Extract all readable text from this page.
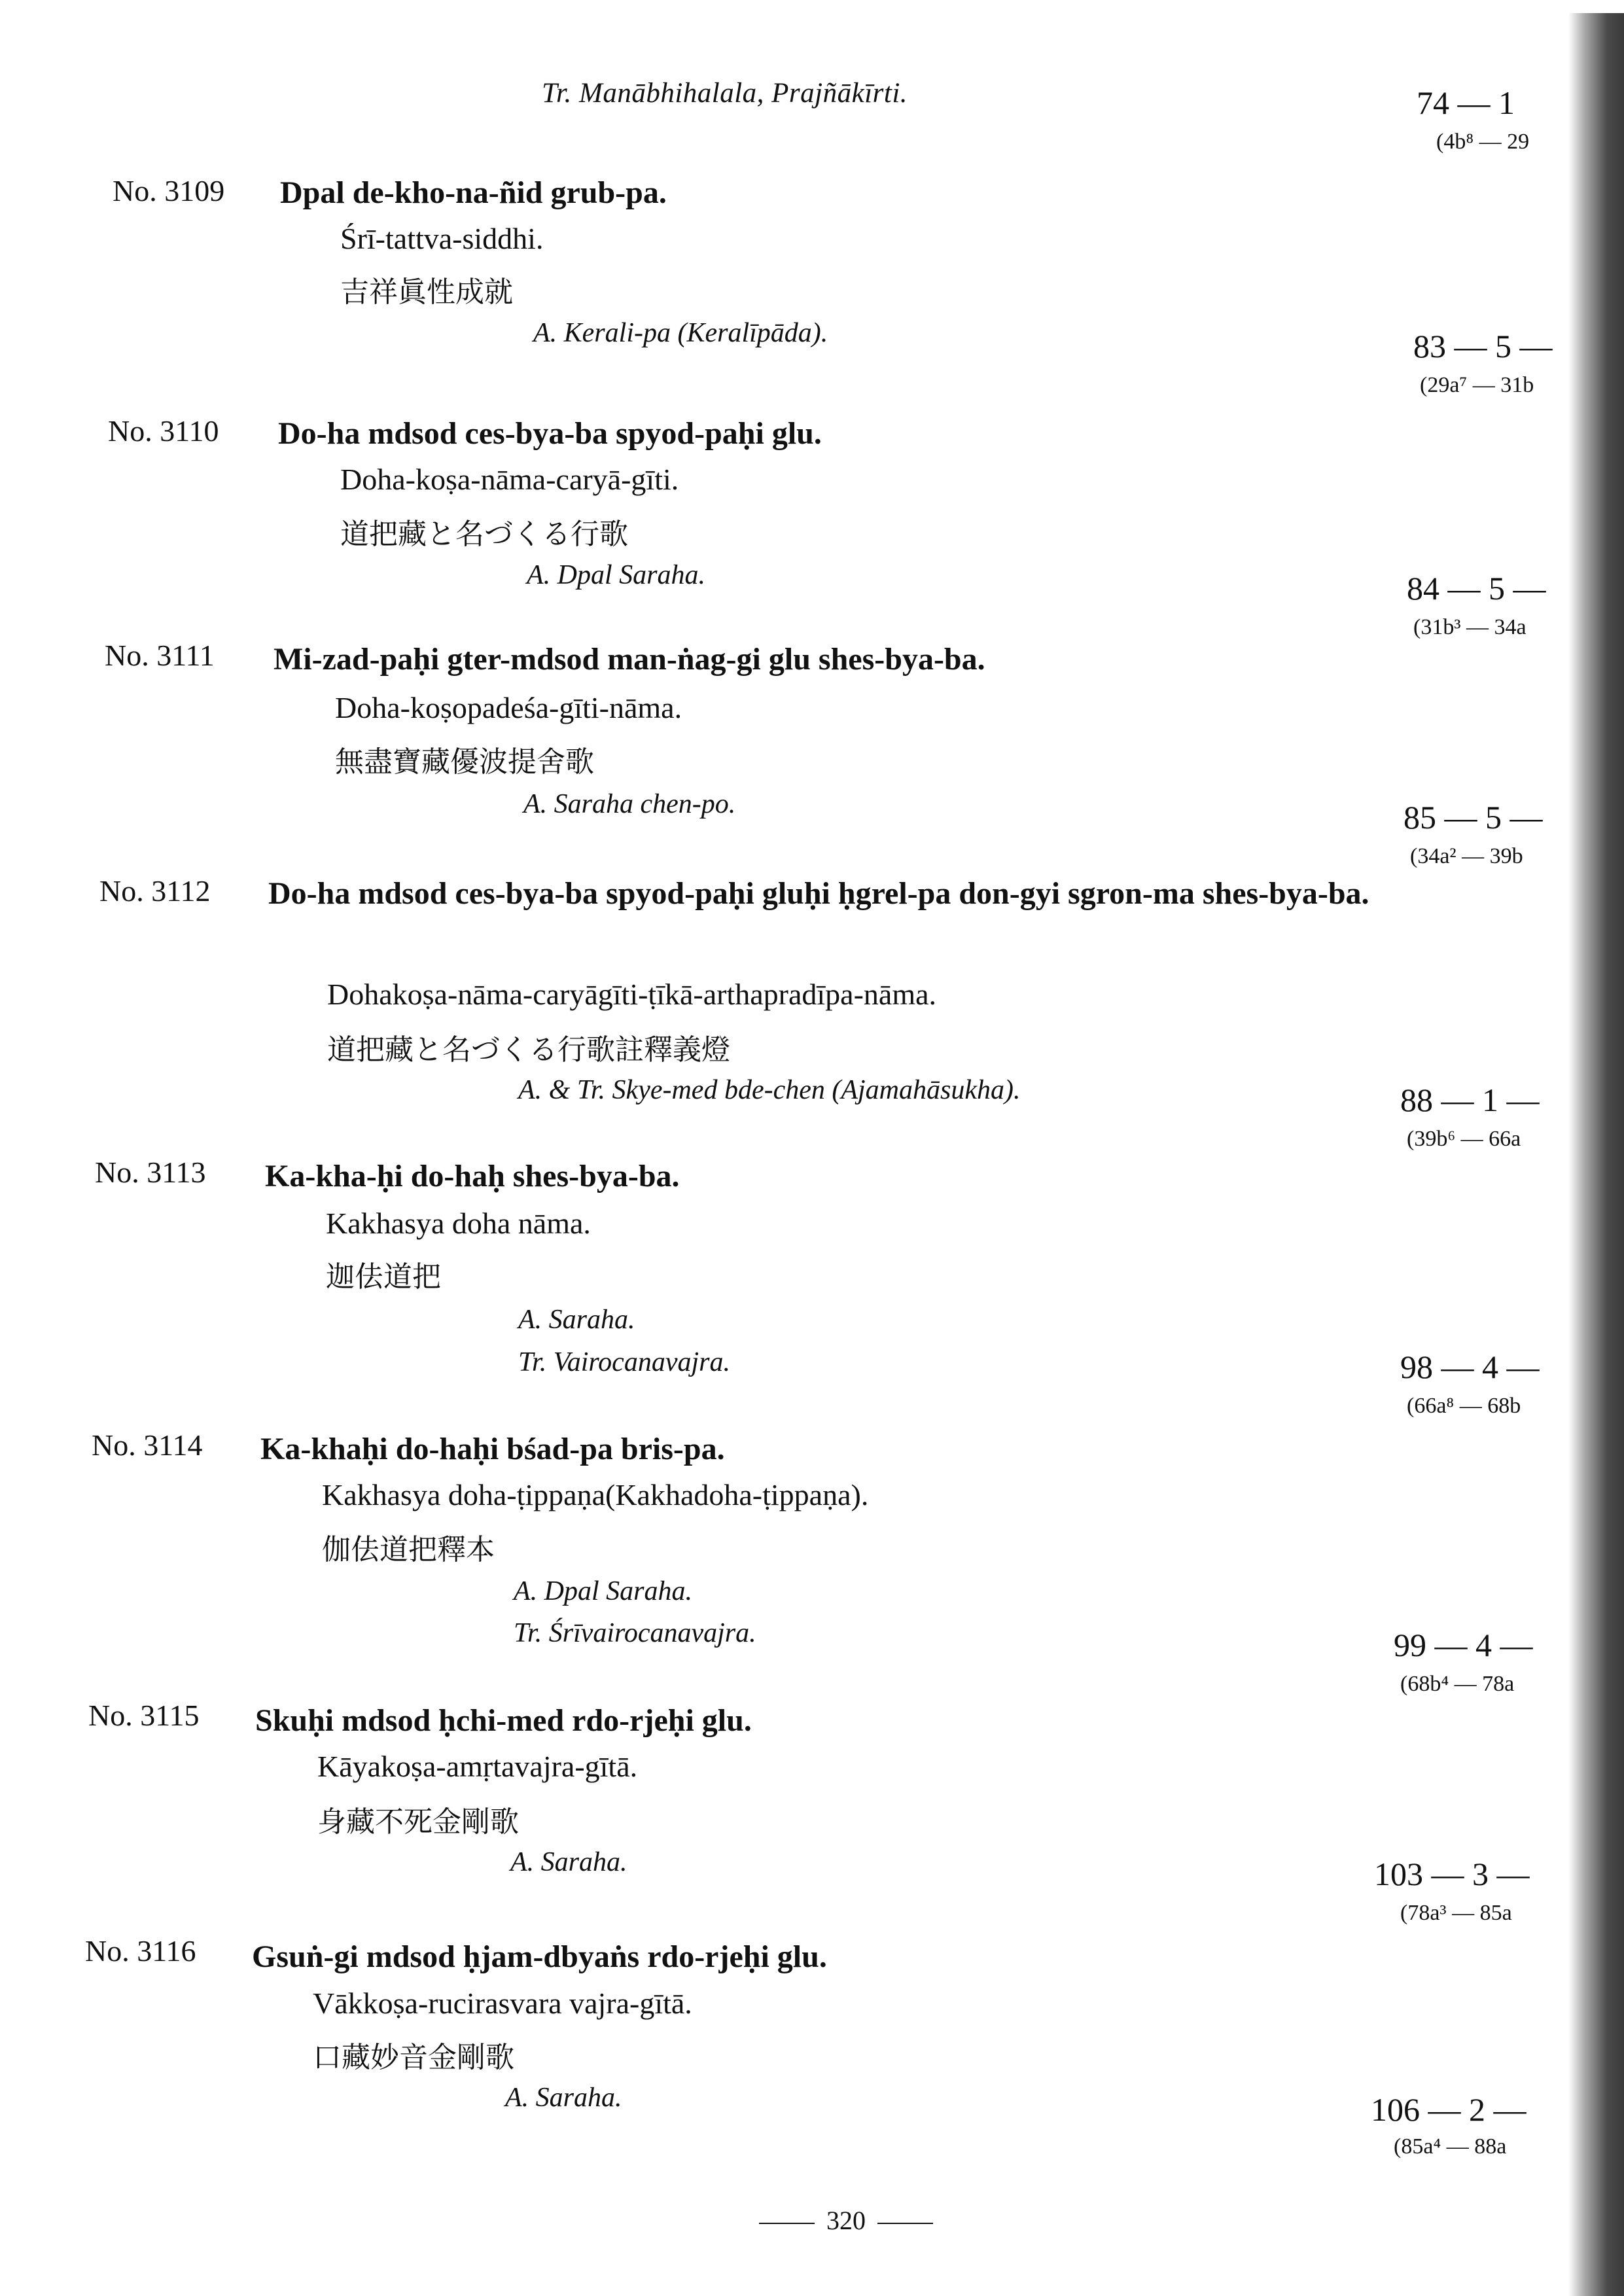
Tr. Manābhihalala, Prajñākīrti.	74 — 1
(4b⁸ — 29
No. 3109 Dpal de-kho-na-ñid grub-pa.
Śrī-tattva-siddhi.
吉祥眞性成就
A. Kerali-pa (Keralīpāda).	83 — 5 —
(29a⁷ — 31b
No. 3110 Do-ha mdsod ces-bya-ba spyod-paḥi glu.
Doha-koṣa-nāma-caryā-gīti.
道把藏と名づくる行歌
A. Dpal Saraha.	84 — 5 —
(31b³ — 34a
No. 3111 Mi-zad-paḥi gter-mdsod man-ṅag-gi glu shes-bya-ba.
Doha-koṣopadeśa-gīti-nāma.
無盡寶藏優波提舍歌
A. Saraha chen-po.	85 — 5 —
(34a² — 39b
No. 3112 Do-ha mdsod ces-bya-ba spyod-paḥi gluḥi ḥgrel-pa don-gyi sgron-ma shes-bya-ba.
Dohakoṣa-nāma-caryāgīti-ṭīkā-arthapradīpa-nāma.
道把藏と名づくる行歌註釋義燈
A. & Tr. Skye-med bde-chen (Ajamahāsukha).	88 — 1 —
(39b⁶ — 66a
No. 3113 Ka-kha-ḥi do-haḥ shes-bya-ba.
Kakhasya doha nāma.
迦佉道把
A. Saraha.
Tr. Vairocanavajra.	98 — 4 —
(66a⁸ — 68b
No. 3114 Ka-khaḥi do-haḥi bśad-pa bris-pa.
Kakhasya doha-ṭippaṇa(Kakhadoha-ṭippaṇa).
伽佉道把釋本
A. Dpal Saraha.
Tr. Śrīvairocanavajra.	99 — 4 —
(68b⁴ — 78a
No. 3115 Skuḥi mdsod ḥchi-med rdo-rjeḥi glu.
Kāyakoṣa-amṛtavajra-gītā.
身藏不死金剛歌
A. Saraha.	103 — 3 —
(78a³ — 85a
No. 3116 Gsuṅ-gi mdsod ḥjam-dbyaṅs rdo-rjeḥi glu.
Vākkoṣa-rucirasvara vajra-gītā.
口藏妙音金剛歌
A. Saraha.	106 — 2 —
(85a⁴ — 88a
320
